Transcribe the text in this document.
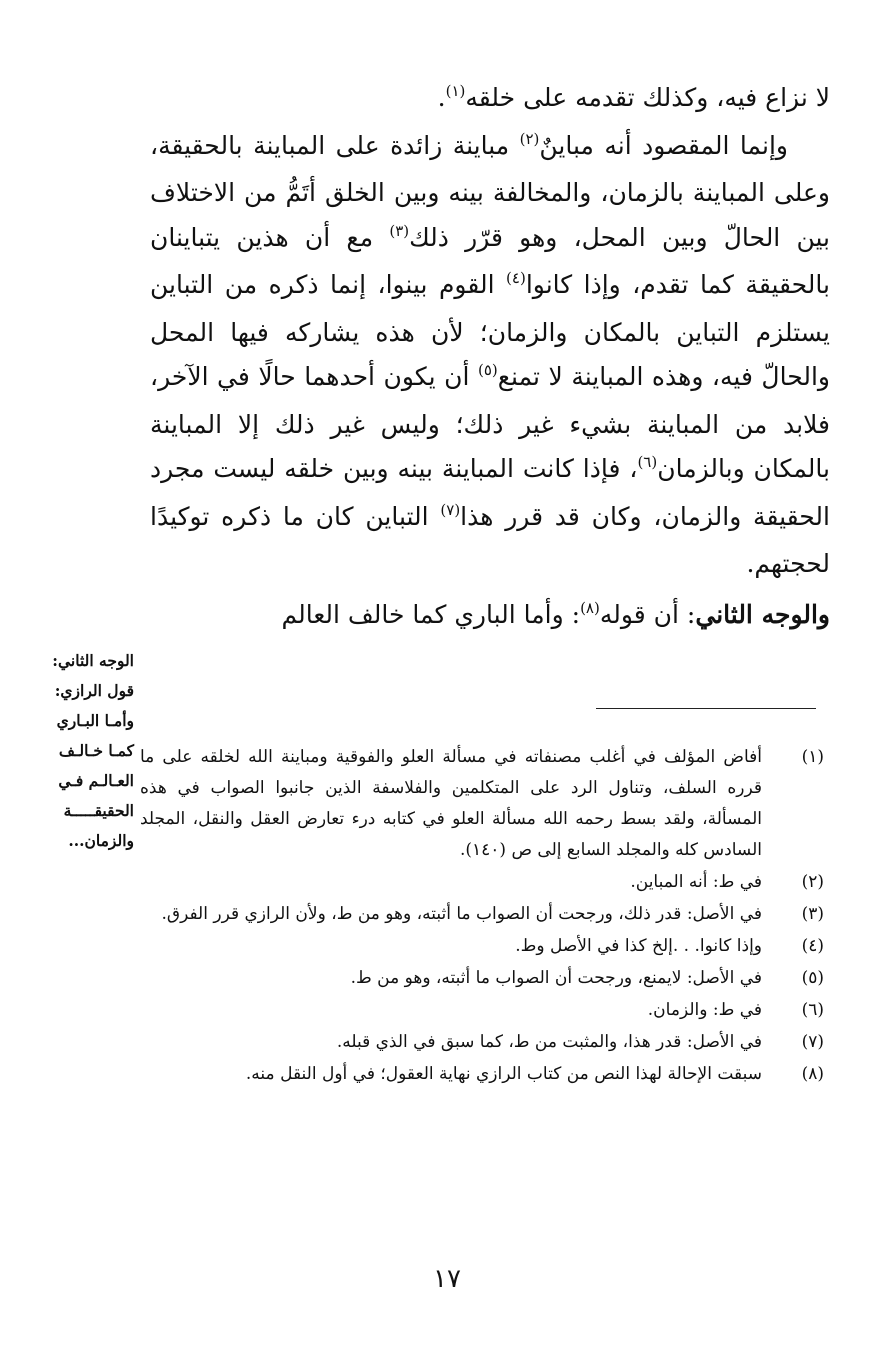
لا نزاع فيه، وكذلك تقدمه على خلقه$^{(١)}$.

وإنما المقصود أنه مباينٌ$^{(٢)}$ مباينة زائدة على المباينة بالحقيقة، وعلى المباينة بالزمان، والمخالفة بينه وبين الخلق أتَمُّ من الاختلاف بين الحالّ وبين المحل، وهو قرّر ذلك$^{(٣)}$ مع أن هذين يتباينان بالحقيقة كما تقدم، وإذا كانوا$^{(٤)}$ القوم بينوا، إنما ذكره من التباين يستلزم التباين بالمكان والزمان؛ لأن هذه يشاركه فيها المحل والحالّ فيه، وهذه المباينة لا تمنع$^{(٥)}$ أن يكون أحدهما حالًا في الآخر، فلابد من المباينة بشيء غير ذلك؛ وليس غير ذلك إلا المباينة بالمكان وبالزمان$^{(٦)}$، فإذا كانت المباينة بينه وبين خلقه ليست مجرد الحقيقة والزمان، وكان قد قرر هذا$^{(٧)}$ التباين كان ما ذكره توكيدًا لحجتهم.

والوجه الثاني: أن قوله$^{(٨)}$: وأما الباري كما خالف العالم

الوجه الثاني:
قول الرازي:
وأمـا البـاري
كمـا خـالـف
العـالـم فـي
الحقيقـــــة
والزمان...
(١)
أفاض المؤلف في أغلب مصنفاته في مسألة العلو والفوقية ومباينة الله لخلقه على ما قرره السلف، وتناول الرد على المتكلمين والفلاسفة الذين جانبوا الصواب في هذه المسألة، ولقد بسط رحمه الله مسألة العلو في كتابه درء تعارض العقل والنقل، المجلد السادس كله والمجلد السابع إلى ص (١٤٠).
(٢)
في ط: أنه المباين.
(٣)
في الأصل: قدر ذلك، ورجحت أن الصواب ما أثبته، وهو من ط، ولأن الرازي قرر الفرق.
(٤)
وإذا كانوا. . .إلخ كذا في الأصل وط.
(٥)
في الأصل: لايمنع، ورجحت أن الصواب ما أثبته، وهو من ط.
(٦)
في ط: والزمان.
(٧)
في الأصل: قدر هذا، والمثبت من ط، كما سبق في الذي قبله.
(٨)
سبقت الإحالة لهذا النص من كتاب الرازي نهاية العقول؛ في أول النقل منه.
١٧
